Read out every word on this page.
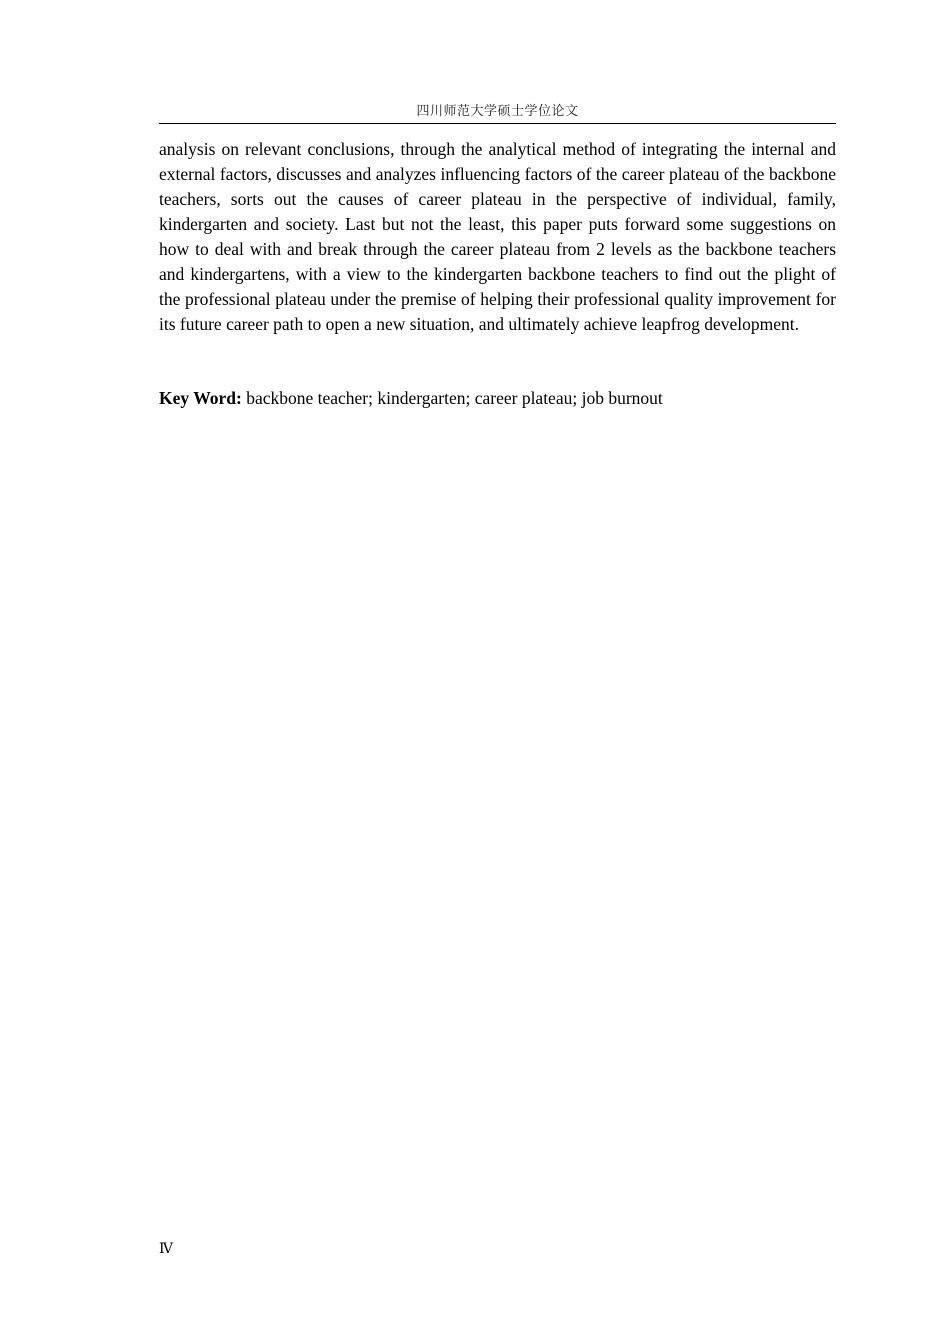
四川师范大学硕士学位论文

analysis on relevant conclusions, through the analytical method of integrating the internal and external factors, discusses and analyzes influencing factors of the career plateau of the backbone teachers, sorts out the causes of career plateau in the perspective of individual, family, kindergarten and society. Last but not the least, this paper puts forward some suggestions on how to deal with and break through the career plateau from 2 levels as the backbone teachers and kindergartens, with a view to the kindergarten backbone teachers to find out the plight of the professional plateau under the premise of helping their professional quality improvement for its future career path to open a new situation, and ultimately achieve leapfrog development.

Key Word: backbone teacher; kindergarten; career plateau; job burnout

Ⅳ
